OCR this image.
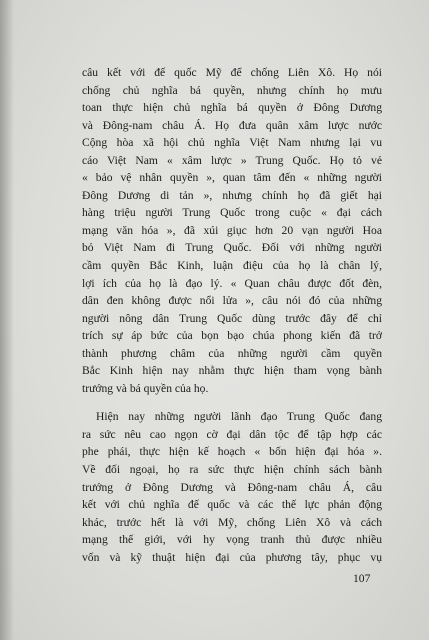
câu kết với đế quốc Mỹ để chống Liên Xô. Họ nói
chống chủ nghĩa bá quyền, nhưng chính họ mưu
toan thực hiện chủ nghĩa bá quyền ở Đông Dương
và Đông-nam châu Á. Họ đưa quân xâm lược nước
Cộng hòa xã hội chủ nghĩa Việt Nam nhưng lại vu
cáo Việt Nam « xâm lược » Trung Quốc. Họ tỏ vẻ
« bảo vệ nhân quyền », quan tâm đến « những người
Đông Dương di tản », nhưng chính họ đã giết hại
hàng triệu người Trung Quốc trong cuộc « đại cách
mạng văn hóa », đã xúi giục hơn 20 vạn người Hoa
bỏ Việt Nam đi Trung Quốc. Đối với những người
cầm quyền Bắc Kinh, luận điệu của họ là chân lý,
lợi ích của họ là đạo lý. « Quan châu được đốt đèn,
dân đen không được nổi lửa », câu nói đó của những
người nông dân Trung Quốc dùng trước đây để chỉ
trích sự áp bức của bọn bạo chúa phong kiến đã trở
thành phương châm của những người cầm quyền
Bắc Kinh hiện nay nhằm thực hiện tham vọng bành
trướng và bá quyền của họ.

Hiện nay những người lãnh đạo Trung Quốc đang
ra sức nêu cao ngọn cờ đại dân tộc để tập hợp các
phe phái, thực hiện kế hoạch « bốn hiện đại hóa ».
Về đối ngoại, họ ra sức thực hiện chính sách bành
trướng ở Đông Dương và Đông-nam châu Á, câu
kết với chủ nghĩa đế quốc và các thế lực phản động
khác, trước hết là với Mỹ, chống Liên Xô và cách
mạng thế giới, với hy vọng tranh thủ được nhiều
vốn và kỹ thuật hiện đại của phương tây, phục vụ

107
